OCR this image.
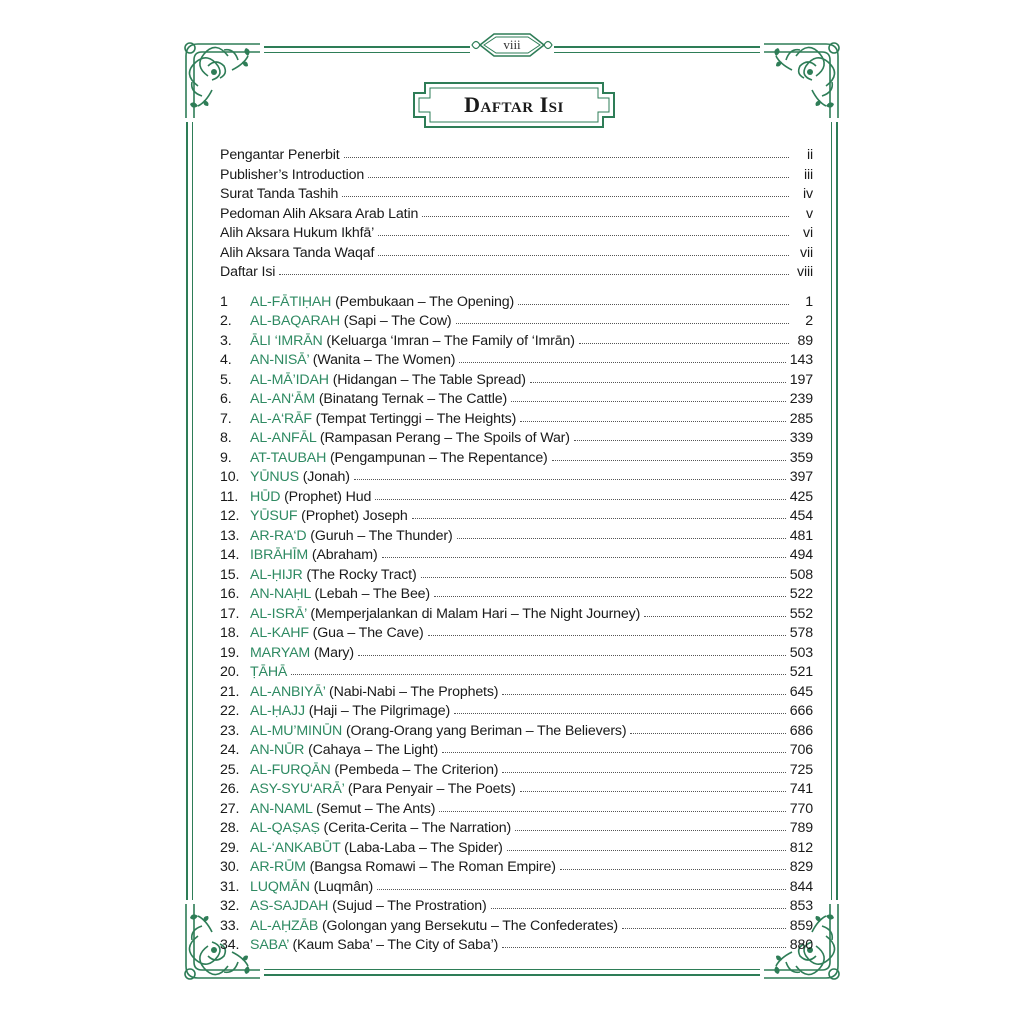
viii
Daftar Isi
Pengantar Penerbit	ii
Publisher’s Introduction	iii
Surat Tanda Tashih	iv
Pedoman Alih Aksara Arab Latin	v
Alih Aksara Hukum Ikhfā’	vi
Alih Aksara Tanda Waqaf	vii
Daftar Isi	viii
1	AL-FĀTIḤAH (Pembukaan – The Opening)	1
2.	AL-BAQARAH (Sapi – The Cow)	2
3.	ĀLI ‘IMRĀN (Keluarga ‘Imran – The Family of ‘Imrān)	89
4.	AN-NISĀ’ (Wanita – The Women)	143
5.	AL-MĀ’IDAH (Hidangan – The Table Spread)	197
6.	AL-AN‘ĀM (Binatang Ternak – The Cattle)	239
7.	AL-A‘RĀF (Tempat Tertinggi – The Heights)	285
8.	AL-ANFĀL (Rampasan Perang – The Spoils of War)	339
9.	AT-TAUBAH (Pengampunan – The Repentance)	359
10. YŪNUS (Jonah)	397
11. HŪD (Prophet) Hud	425
12. YŪSUF (Prophet) Joseph	454
13. AR-RA‘D (Guruh – The Thunder)	481
14. IBRĀHĪM (Abraham)	494
15. AL-ḤIJR (The Rocky Tract)	508
16. AN-NAḤL (Lebah – The Bee)	522
17. AL-ISRĀ’ (Memperjalankan di Malam Hari – The Night Journey)	552
18. AL-KAHF (Gua – The Cave)	578
19. MARYAM (Mary)	503
20. ṬĀHĀ	521
21. AL-ANBIYĀ’ (Nabi-Nabi – The Prophets)	645
22. AL-ḤAJJ (Haji – The Pilgrimage)	666
23. AL-MU’MINŪN (Orang-Orang yang Beriman – The Believers)	686
24. AN-NŪR (Cahaya – The Light)	706
25. AL-FURQĀN (Pembeda – The Criterion)	725
26. ASY-SYU‘ARĀ’ (Para Penyair – The Poets)	741
27. AN-NAML (Semut – The Ants)	770
28. AL-QAṢAṢ (Cerita-Cerita – The Narration)	789
29. AL-‘ANKABŪT (Laba-Laba – The Spider)	812
30. AR-RŪM (Bangsa Romawi – The Roman Empire)	829
31. LUQMĀN (Luqmân)	844
32. AS-SAJDAH (Sujud – The Prostration)	853
33. AL-AḤZĀB (Golongan yang Bersekutu – The Confederates)	859
34. SABA’ (Kaum Saba’ – The City of Saba’)	880
